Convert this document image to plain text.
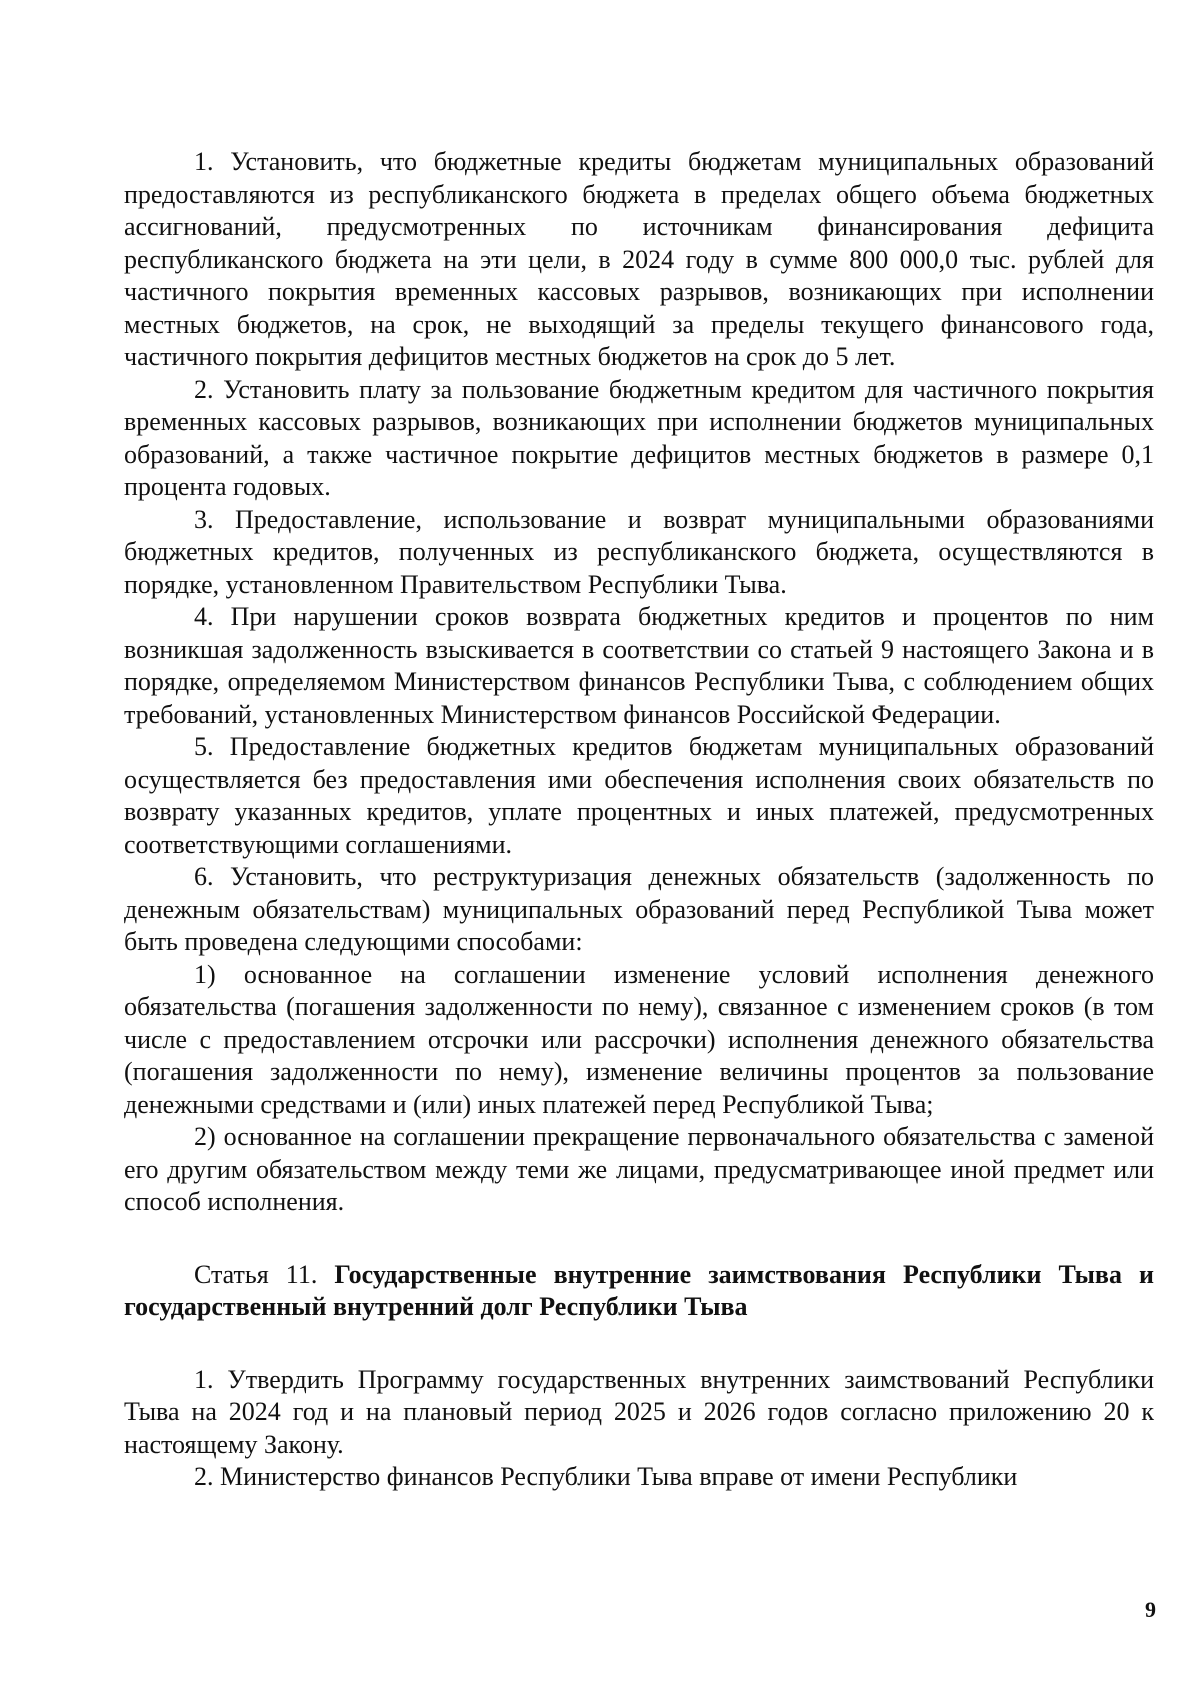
1. Установить, что бюджетные кредиты бюджетам муниципальных образований предоставляются из республиканского бюджета в пределах общего объема бюджетных ассигнований, предусмотренных по источникам финансирования дефицита республиканского бюджета на эти цели, в 2024 году в сумме 800 000,0 тыс. рублей для частичного покрытия временных кассовых разрывов, возникающих при исполнении местных бюджетов, на срок, не выходящий за пределы текущего финансового года, частичного покрытия дефицитов местных бюджетов на срок до 5 лет.

2. Установить плату за пользование бюджетным кредитом для частичного покрытия временных кассовых разрывов, возникающих при исполнении бюджетов муниципальных образований, а также частичное покрытие дефицитов местных бюджетов в размере 0,1 процента годовых.

3. Предоставление, использование и возврат муниципальными образованиями бюджетных кредитов, полученных из республиканского бюджета, осуществляются в порядке, установленном Правительством Республики Тыва.

4. При нарушении сроков возврата бюджетных кредитов и процентов по ним возникшая задолженность взыскивается в соответствии со статьей 9 настоящего Закона и в порядке, определяемом Министерством финансов Республики Тыва, с соблюдением общих требований, установленных Министерством финансов Российской Федерации.

5. Предоставление бюджетных кредитов бюджетам муниципальных образований осуществляется без предоставления ими обеспечения исполнения своих обязательств по возврату указанных кредитов, уплате процентных и иных платежей, предусмотренных соответствующими соглашениями.

6. Установить, что реструктуризация денежных обязательств (задолженность по денежным обязательствам) муниципальных образований перед Республикой Тыва может быть проведена следующими способами:

1) основанное на соглашении изменение условий исполнения денежного обязательства (погашения задолженности по нему), связанное с изменением сроков (в том числе с предоставлением отсрочки или рассрочки) исполнения денежного обязательства (погашения задолженности по нему), изменение величины процентов за пользование денежными средствами и (или) иных платежей перед Республикой Тыва;

2) основанное на соглашении прекращение первоначального обязательства с заменой его другим обязательством между теми же лицами, предусматривающее иной предмет или способ исполнения.

Статья 11. Государственные внутренние заимствования Республики Тыва и государственный внутренний долг Республики Тыва

1. Утвердить Программу государственных внутренних заимствований Республики Тыва на 2024 год и на плановый период 2025 и 2026 годов согласно приложению 20 к настоящему Закону.

2. Министерство финансов Республики Тыва вправе от имени Республики

9
